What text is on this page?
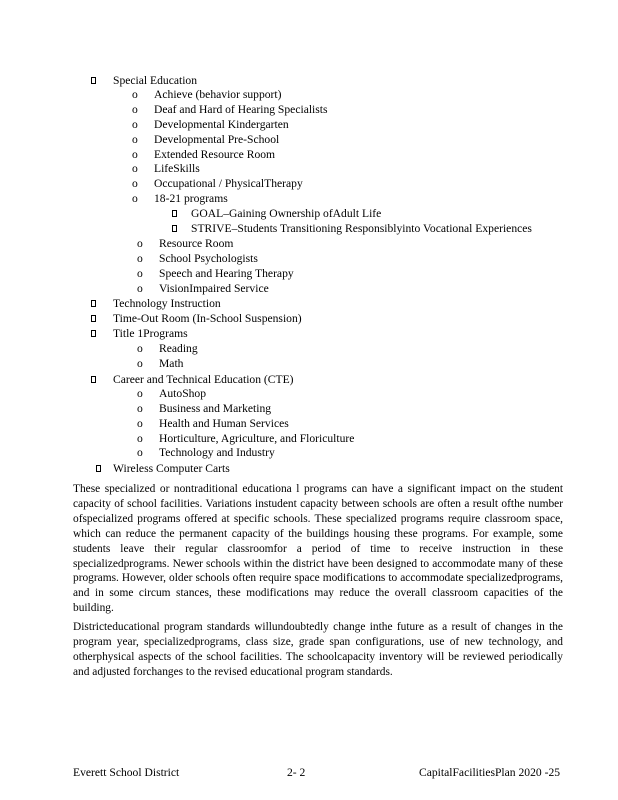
Special Education
o Achieve (behavior support)
o Deaf and Hard of Hearing Specialists
o Developmental Kindergarten
o Developmental Pre-School
o Extended Resource Room
o LifeSkills
o Occupational / PhysicalTherapy
o 18-21 programs
GOAL–Gaining Ownership ofAdult Life
STRIVE–Students Transitioning Responsiblyinto Vocational Experiences
o Resource Room
o School Psychologists
o Speech and Hearing Therapy
o VisionImpaired Service
Technology Instruction
Time-Out Room (In-School Suspension)
Title 1Programs
o Reading
o Math
Career and Technical Education (CTE)
o AutoShop
o Business and Marketing
o Health and Human Services
o Horticulture, Agriculture, and Floriculture
o Technology and Industry
Wireless Computer Carts
These specialized or nontraditional educationa l programs can have a significant impact on the student capacity of school facilities. Variations instudent capacity between schools are often a result ofthe number ofspecialized programs offered at specific schools. These specialized programs require classroom space, which can reduce the permanent capacity of the buildings housing these programs. For example, some students leave their regular classroomfor a period of time to receive instruction in these specializedprograms. Newer schools within the district have been designed to accommodate many of these programs. However, older schools often require space modifications to accommodate specializedprograms, and in some circum stances, these modifications may reduce the overall classroom capacities of the building.
Districteducational program standards willundoubtedly change inthe future as a result of changes in the program year, specializedprograms, class size, grade span configurations, use of new technology, and otherphysical aspects of the school facilities. The schoolcapacity inventory will be reviewed periodically and adjusted forchanges to the revised educational program standards.
Everett School District	2- 2	CapitalFacilitiesPlan 2020 -25
